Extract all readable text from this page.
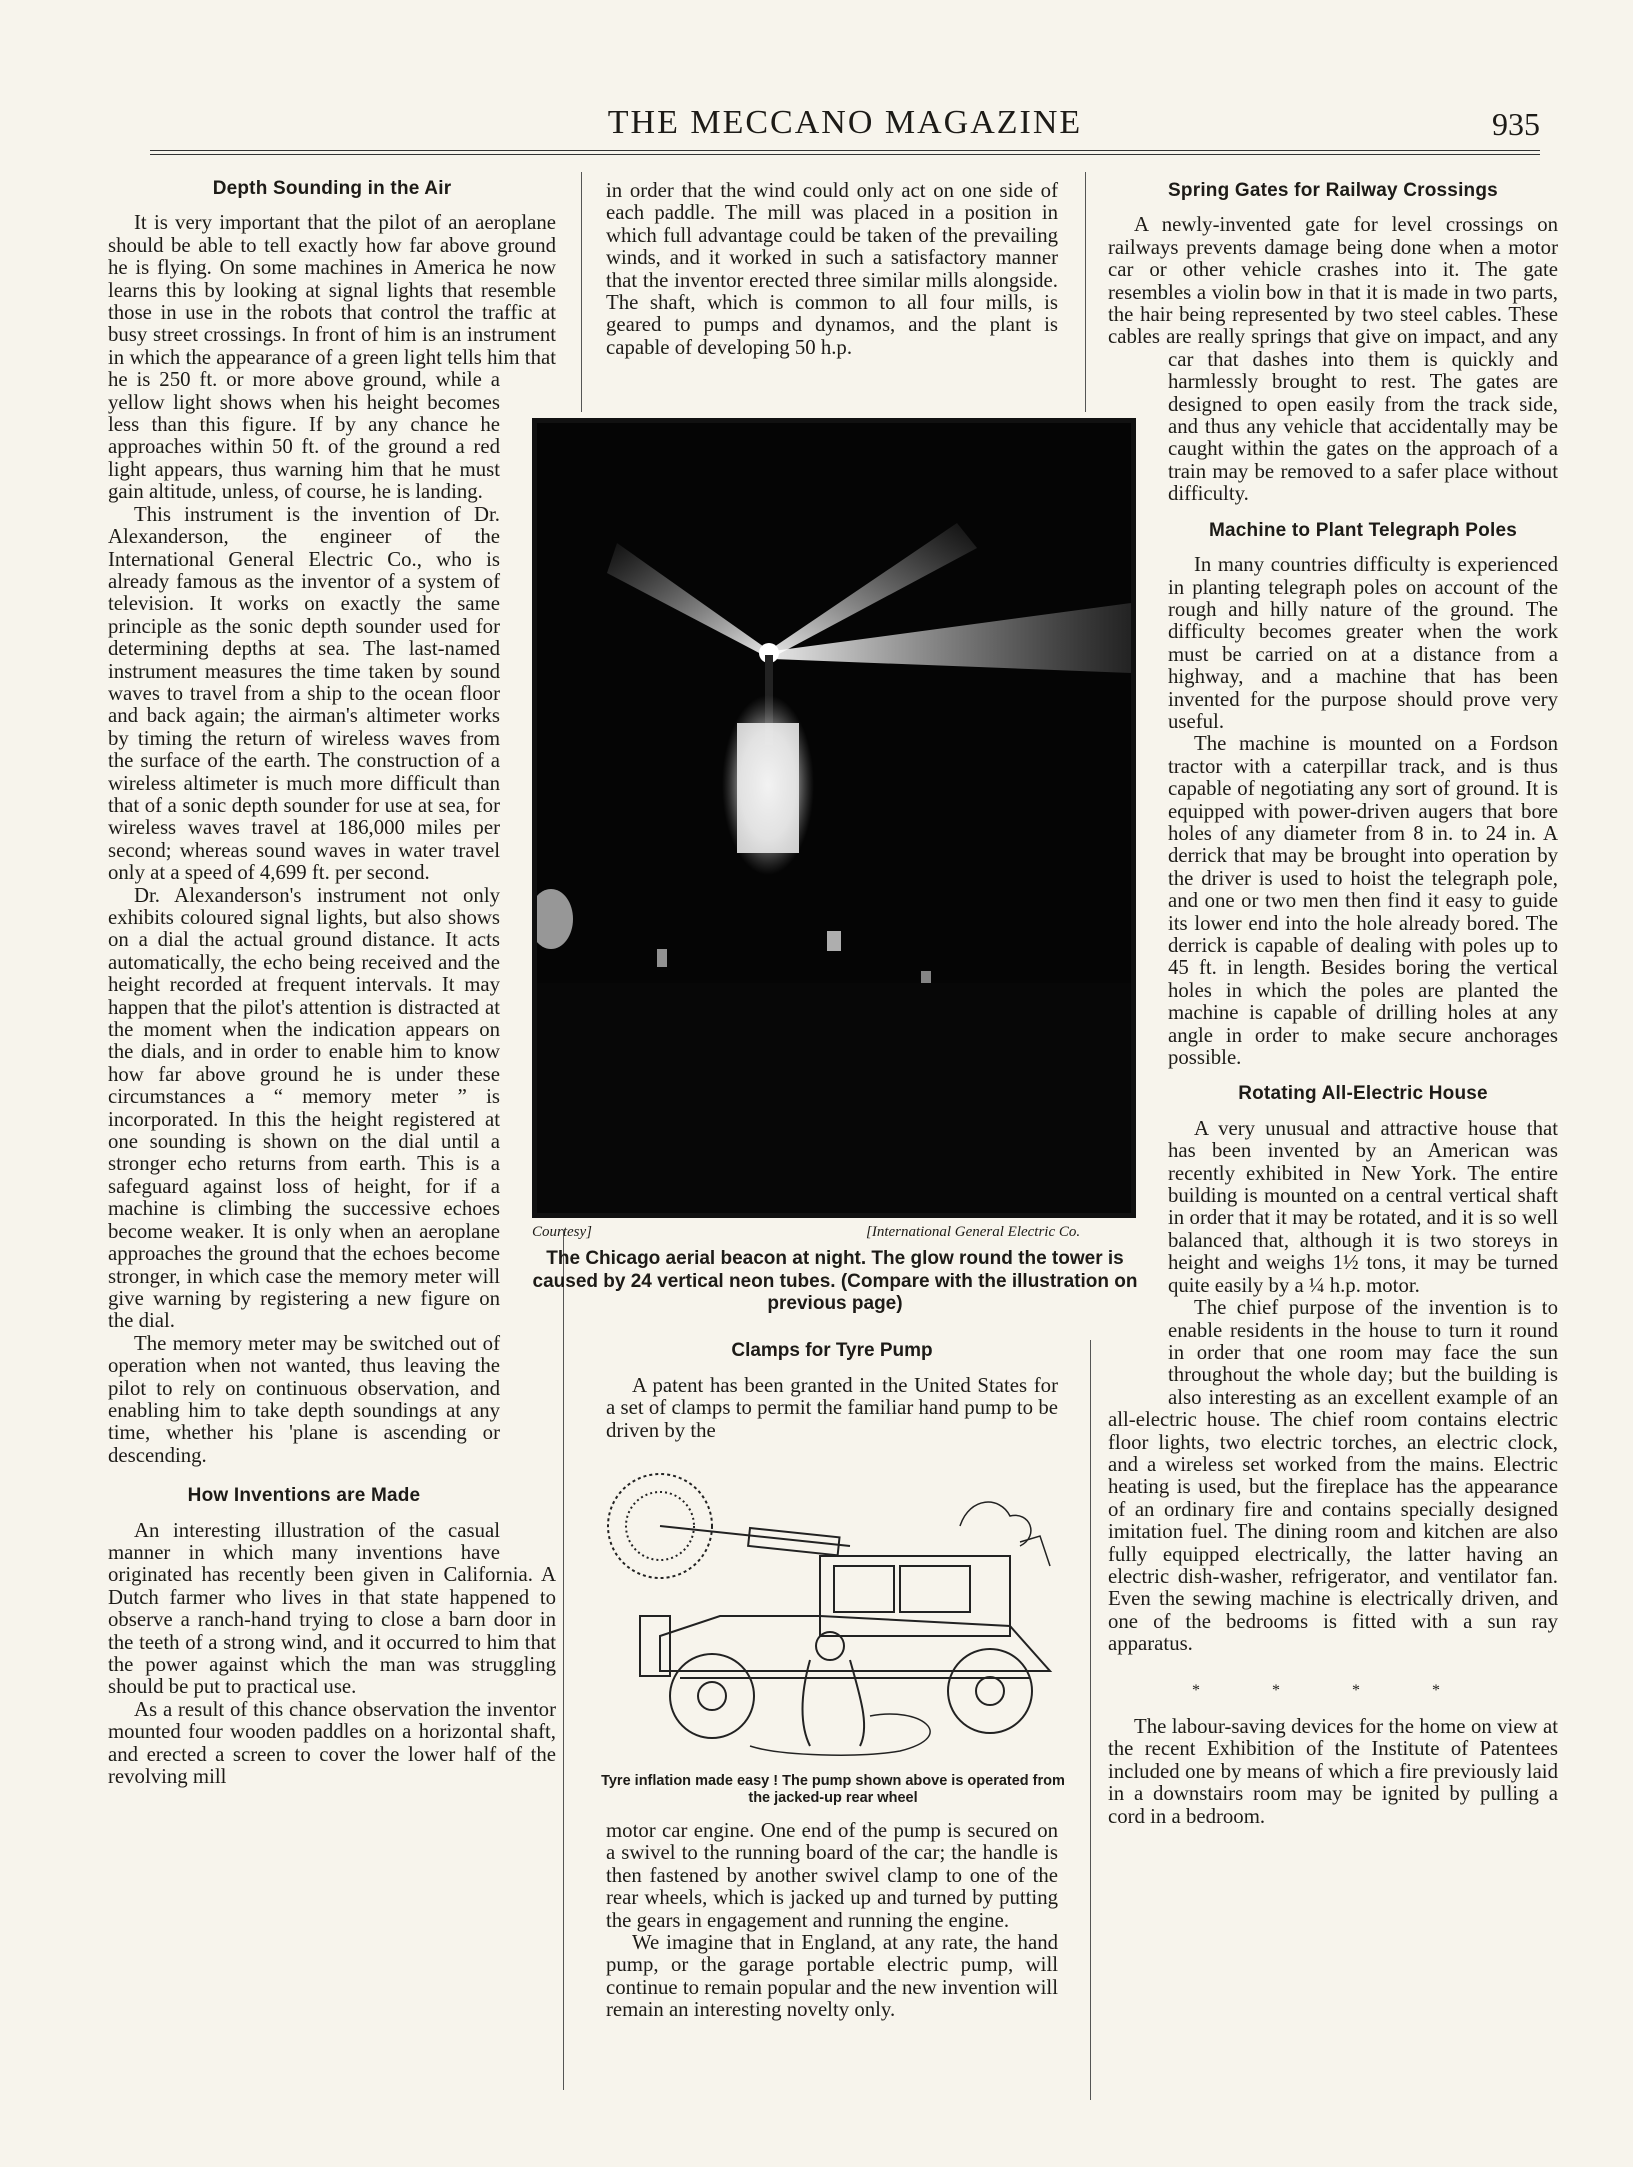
THE MECCANO MAGAZINE	935
Depth Sounding in the Air

It is very important that the pilot of an aeroplane should be able to tell exactly how far above ground he is flying. On some machines in America he now learns this by looking at signal lights that resemble those in use in the robots that control the traffic at busy street crossings. In front of him is an instrument in which the appearance of a green light tells him that he is 250 ft. or more above ground, while a yellow light shows when his height becomes less than this figure. If by any chance he approaches within 50 ft. of the ground a red light appears, thus warning him that he must gain altitude, unless, of course, he is landing.

This instrument is the invention of Dr. Alexanderson, the engineer of the International General Electric Co., who is already famous as the inventor of a system of television. It works on exactly the same principle as the sonic depth sounder used for determining depths at sea. The last-named instrument measures the time taken by sound waves to travel from a ship to the ocean floor and back again; the airman's altimeter works by timing the return of wireless waves from the surface of the earth. The construction of a wireless altimeter is much more difficult than that of a sonic depth sounder for use at sea, for wireless waves travel at 186,000 miles per second; whereas sound waves in water travel only at a speed of 4,699 ft. per second.

Dr. Alexanderson's instrument not only exhibits coloured signal lights, but also shows on a dial the actual ground distance. It acts automatically, the echo being received and the height recorded at frequent intervals. It may happen that the pilot's attention is distracted at the moment when the indication appears on the dials, and in order to enable him to know how far above ground he is under these circumstances a “ memory meter ” is incorporated. In this the height registered at one sounding is shown on the dial until a stronger echo returns from earth. This is a safeguard against loss of height, for if a machine is climbing the successive echoes become weaker. It is only when an aeroplane approaches the ground that the echoes become stronger, in which case the memory meter will give warning by registering a new figure on the dial.

The memory meter may be switched out of operation when not wanted, thus leaving the pilot to rely on continuous observation, and enabling him to take depth soundings at any time, whether his 'plane is ascending or descending.

How Inventions are Made

An interesting illustration of the casual manner in which many inventions have originated has recently been given in California. A Dutch farmer who lives in that state happened to observe a ranch-hand trying to close a barn door in the teeth of a strong wind, and it occurred to him that the power against which the man was struggling should be put to practical use.

As a result of this chance observation the inventor mounted four wooden paddles on a horizontal shaft, and erected a screen to cover the lower half of the revolving mill

in order that the wind could only act on one side of each paddle. The mill was placed in a position in which full advantage could be taken of the prevailing winds, and it worked in such a satisfactory manner that the inventor erected three similar mills alongside. The shaft, which is common to all four mills, is geared to pumps and dynamos, and the plant is capable of developing 50 h.p.

Courtesy]	[International General Electric Co.
The Chicago aerial beacon at night. The glow round the tower is caused by 24 vertical neon tubes. (Compare with the illustration on previous page)
Clamps for Tyre Pump

A patent has been granted in the United States for a set of clamps to permit the familiar hand pump to be driven by the

Tyre inflation made easy ! The pump shown above is operated from the jacked-up rear wheel

motor car engine. One end of the pump is secured on a swivel to the running board of the car; the handle is then fastened by another swivel clamp to one of the rear wheels, which is jacked up and turned by putting the gears in engagement and running the engine.

We imagine that in England, at any rate, the hand pump, or the garage portable electric pump, will continue to remain popular and the new invention will remain an interesting novelty only.

Spring Gates for Railway Crossings

A newly-invented gate for level crossings on railways prevents damage being done when a motor car or other vehicle crashes into it. The gate resembles a violin bow in that it is made in two parts, the hair being represented by two steel cables. These cables are really springs that give on impact, and any car that dashes into them is quickly and harmlessly brought to rest. The gates are designed to open easily from the track side, and thus any vehicle that accidentally may be caught within the gates on the approach of a train may be removed to a safer place without difficulty.

Machine to Plant Telegraph Poles

In many countries difficulty is experienced in planting telegraph poles on account of the rough and hilly nature of the ground. The difficulty becomes greater when the work must be carried on at a distance from a highway, and a machine that has been invented for the purpose should prove very useful.

The machine is mounted on a Fordson tractor with a caterpillar track, and is thus capable of negotiating any sort of ground. It is equipped with power-driven augers that bore holes of any diameter from 8 in. to 24 in. A derrick that may be brought into operation by the driver is used to hoist the telegraph pole, and one or two men then find it easy to guide its lower end into the hole already bored. The derrick is capable of dealing with poles up to 45 ft. in length. Besides boring the vertical holes in which the poles are planted the machine is capable of drilling holes at any angle in order to make secure anchorages possible.

Rotating All-Electric House

A very unusual and attractive house that has been invented by an American was recently exhibited in New York. The entire building is mounted on a central vertical shaft in order that it may be rotated, and it is so well balanced that, although it is two storeys in height and weighs 1½ tons, it may be turned quite easily by a ¼ h.p. motor.

The chief purpose of the invention is to enable residents in the house to turn it round in order that one room may face the sun throughout the whole day; but the building is also interesting as an excellent example of an all-electric house. The chief room contains electric floor lights, two electric torches, an electric clock, and a wireless set worked from the mains. Electric heating is used, but the fireplace has the appearance of an ordinary fire and contains specially designed imitation fuel. The dining room and kitchen are also fully equipped electrically, the latter having an electric dish-washer, refrigerator, and ventilator fan. Even the sewing machine is electrically driven, and one of the bedrooms is fitted with a sun ray apparatus.

* * * *

The labour-saving devices for the home on view at the recent Exhibition of the Institute of Patentees included one by means of which a fire previously laid in a downstairs room may be ignited by pulling a cord in a bedroom.
